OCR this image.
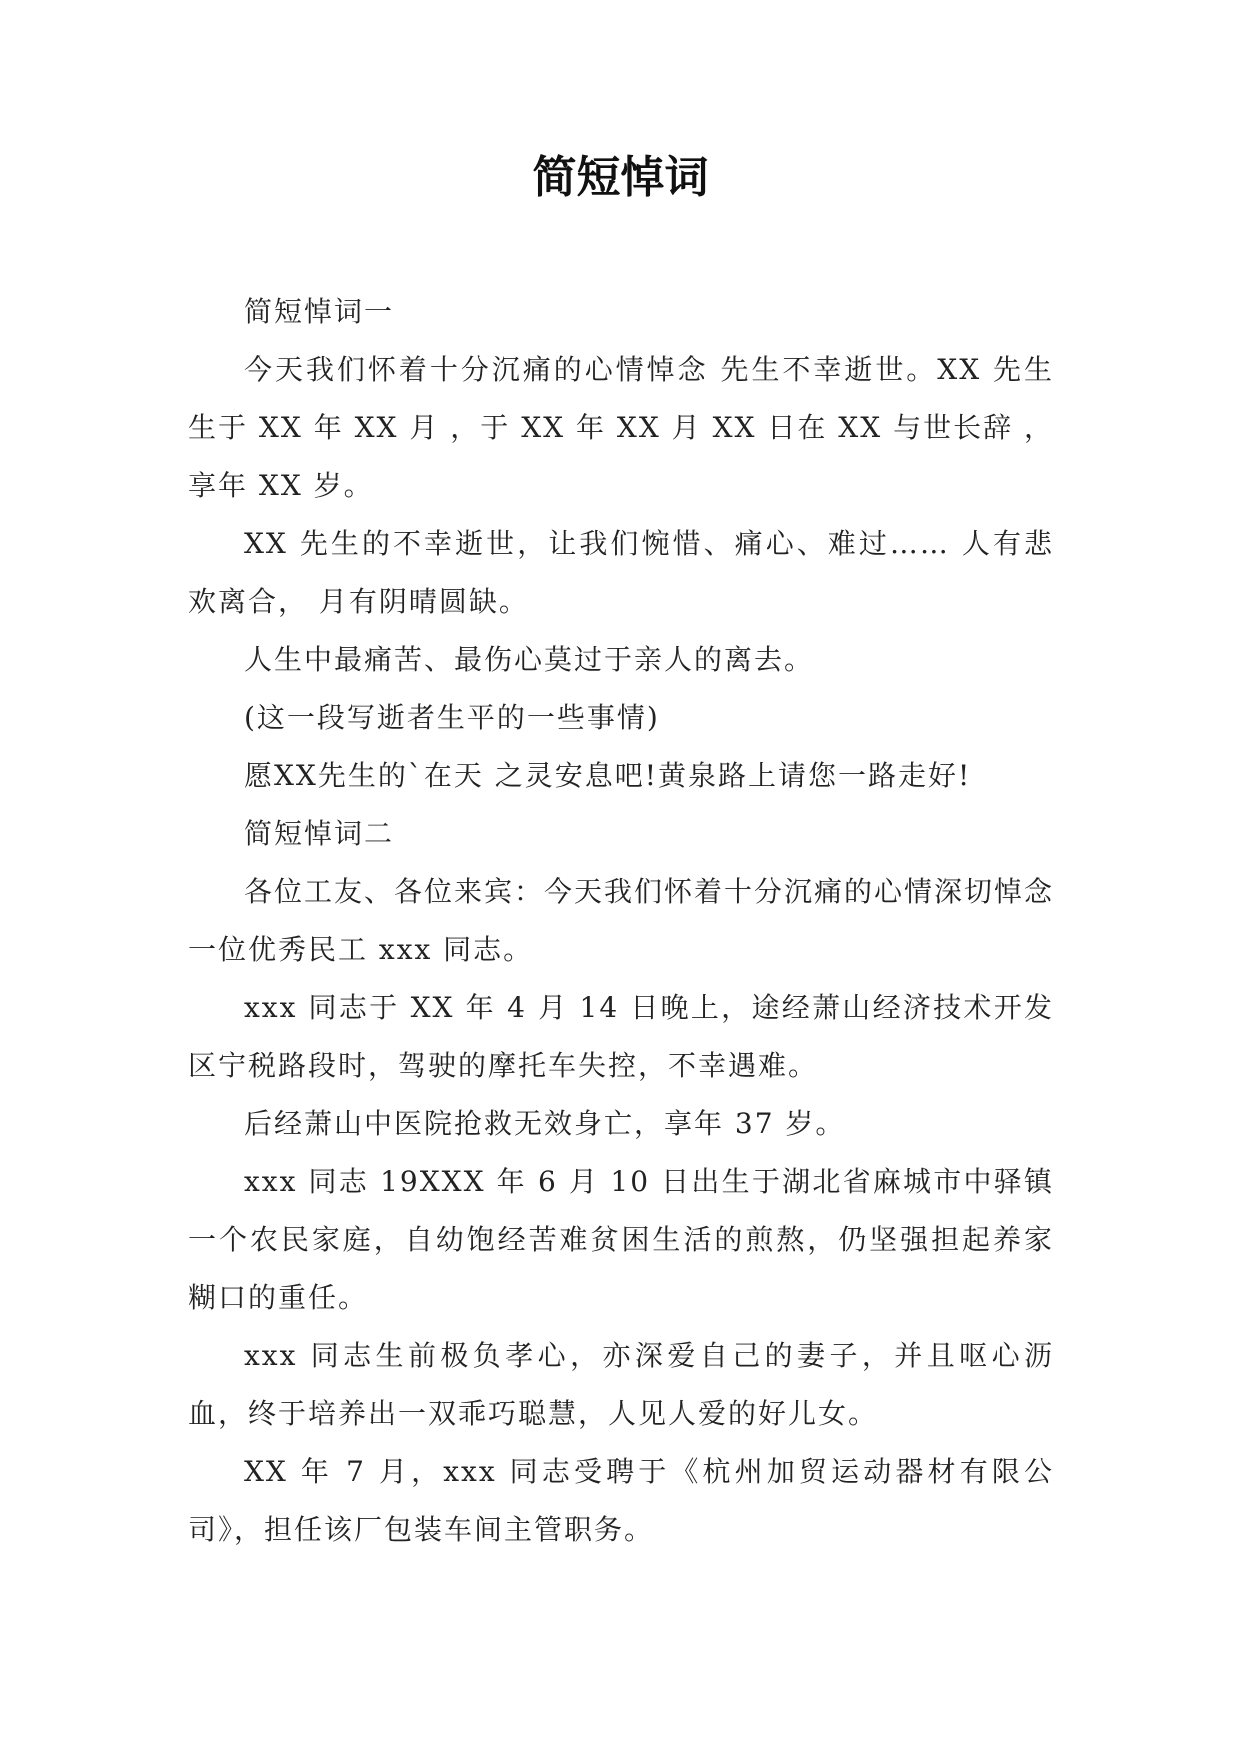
简短悼词

简短悼词一

今天我们怀着十分沉痛的心情悼念 先生不幸逝世。XX 先生生于 XX 年 XX 月 ，于 XX 年 XX 月 XX 日在 XX 与世长辞 ，享年 XX 岁。

XX 先生的不幸逝世，让我们惋惜、痛心、难过…… 人有悲欢离合， 月有阴晴圆缺。

人生中最痛苦、最伤心莫过于亲人的离去。

(这一段写逝者生平的一些事情)

愿XX先生的`在天 之灵安息吧!黄泉路上请您一路走好!

简短悼词二

各位工友、各位来宾：今天我们怀着十分沉痛的心情深切悼念一位优秀民工 xxx 同志。

xxx 同志于 XX 年 4 月 14 日晚上，途经萧山经济技术开发区宁税路段时，驾驶的摩托车失控，不幸遇难。

后经萧山中医院抢救无效身亡，享年 37 岁。

xxx 同志 19XXX 年 6 月 10 日出生于湖北省麻城市中驿镇一个农民家庭，自幼饱经苦难贫困生活的煎熬，仍坚强担起养家糊口的重任。

xxx 同志生前极负孝心，亦深爱自己的妻子，并且呕心沥血，终于培养出一双乖巧聪慧，人见人爱的好儿女。

XX 年 7 月，xxx 同志受聘于《杭州加贸运动器材有限公司》，担任该厂包装车间主管职务。
